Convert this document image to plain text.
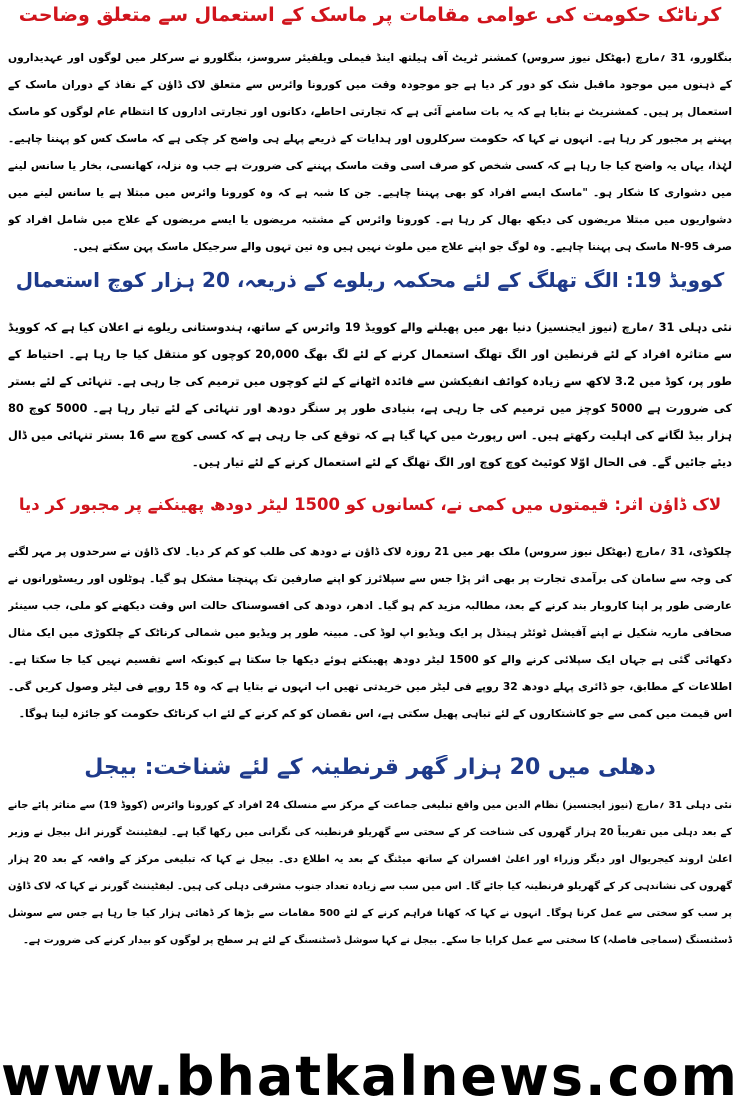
کرناٹک حکومت کی عوامی مقامات پر ماسک کے استعمال سے متعلق وضاحت

بنگلورو، 31 ؍مارچ (بھٹکل نیوز سروس) کمشنر ٹریٹ آف ہیلتھ اینڈ فیملی ویلفیئر سروسز، بنگلورو نے سرکلر میں لوگوں اور عہدیداروں کے ذہنوں میں موجود ماقبل شک کو دور کر دیا ہے جو موجودہ وقت میں کورونا وائرس سے متعلق لاک ڈاؤن کے نفاذ کے دوران ماسک کے استعمال پر ہیں۔ کمشنریٹ نے بتایا ہے کہ یہ بات سامنے آئی ہے کہ تجارتی احاطے، دکانوں اور تجارتی اداروں کا انتظام عام لوگوں کو ماسک پہننے پر مجبور کر رہا ہے۔ انہوں نے کہا کہ حکومت سرکلروں اور ہدایات کے ذریعے پہلے ہی واضح کر چکی ہے کہ ماسک کس کو پہننا چاہیے۔ لہٰذا، یہاں یہ واضح کیا جا رہا ہے کہ کسی شخص کو صرف اسی وقت ماسک پہننے کی ضرورت ہے جب وہ نزلہ، کھانسی، بخار یا سانس لینے میں دشواری کا شکار ہو۔ "ماسک ایسے افراد کو بھی پہننا چاہیے۔ جن کا شبہ ہے کہ وہ کورونا وائرس میں مبتلا ہے یا سانس لینے میں دشواریوں میں مبتلا مریضوں کی دیکھ بھال کر رہا ہے۔ کورونا وائرس کے مشتبہ مریضوں یا ایسے مریضوں کے علاج میں شامل افراد کو صرف N-95 ماسک ہی پہننا چاہیے۔ وہ لوگ جو اپنے علاج میں ملوث نہیں ہیں وہ تین تہوں والے سرجیکل ماسک پہن سکتے ہیں۔

کوویڈ 19: الگ تھلگ کے لئے محکمہ ریلوے کے ذریعہ، 20 ہزار کوچ استعمال

نئی دہلی 31 ؍مارچ (نیوز ایجنسیز) دنیا بھر میں پھیلنے والے کوویڈ 19 وائرس کے ساتھ، ہندوستانی ریلوے نے اعلان کیا ہے کہ کوویڈ سے متاثرہ افراد کے لئے قرنطین اور الگ تھلگ استعمال کرنے کے لئے لگ بھگ 20,000 کوچوں کو منتقل کیا جا رہا ہے۔ احتیاط کے طور پر، کوڈ میں 3.2 لاکھ سے زیادہ کوائف انفیکشن سے فائدہ اٹھانے کے لئے کوچوں میں ترمیم کی جا رہی ہے۔ تنہائی کے لئے بستر کی ضرورت ہے 5000 کوچز میں ترمیم کی جا رہی ہے، بنیادی طور پر سنگر دودھ اور تنہائی کے لئے تیار رہا ہے۔ 5000 کوچ 80 ہزار بیڈ لگانے کی اہلیت رکھتے ہیں۔ اس رپورٹ میں کہا گیا ہے کہ توقع کی جا رہی ہے کہ کسی کوچ سے 16 بستر تنہائی میں ڈال دیئے جائیں گے۔ فی الحال اوّلا کوئیٹ کوچ کوچ اور الگ تھلگ کے لئے استعمال کرنے کے لئے تیار ہیں۔

لاک ڈاؤن اثر: قیمتوں میں کمی نے، کسانوں کو 1500 لیٹر دودھ پھینکنے پر مجبور کر دیا

چلکوڈی، 31 ؍مارچ (بھٹکل نیوز سروس) ملک بھر میں 21 روزہ لاک ڈاؤن نے دودھ کی طلب کو کم کر دیا۔ لاک ڈاؤن نے سرحدوں پر مہر لگنے کی وجہ سے سامان کی برآمدی تجارت پر بھی اثر پڑا جس سے سپلائرز کو اپنے صارفین تک پہنچنا مشکل ہو گیا۔ ہوٹلوں اور ریسٹورانوں نے عارضی طور پر اپنا کاروبار بند کرنے کے بعد، مطالبہ مزید کم ہو گیا۔ ادھر، دودھ کی افسوسناک حالت اس وقت دیکھنے کو ملی، جب سینئر صحافی ماریہ شکیل نے اپنے آفیشل ٹوئٹر ہینڈل پر ایک ویڈیو اپ لوڈ کی۔ مبینہ طور پر ویڈیو میں شمالی کرناٹک کے چلکوڑی میں ایک مثال دکھائی گئی ہے جہاں ایک سپلائی کرنے والے کو 1500 لیٹر دودھ پھینکتے ہوئے دیکھا جا سکتا ہے کیونکہ اسے تقسیم نہیں کیا جا سکتا ہے۔ اطلاعات کے مطابق، جو ڈائری پہلے دودھ 32 روپے فی لیٹر میں خریدتی تھیں اب انہوں نے بتایا ہے کہ وہ 15 روپے فی لیٹر وصول کریں گی۔ اس قیمت میں کمی سے جو کاشتکاروں کے لئے تباہی پھیل سکتی ہے، اس نقصان کو کم کرنے کے لئے اب کرناٹک حکومت کو جائزہ لینا ہوگا۔

دھلی میں 20 ہزار گھر قرنطینہ کے لئے شناخت: بیجل

نئی دہلی 31 ؍مارچ (نیوز ایجنسیز) نظام الدین میں واقع تبلیغی جماعت کے مرکز سے منسلک 24 افراد کے کورونا وائرس (کووڈ 19) سے متاثر پائے جانے کے بعد دہلی میں تقریباً 20 ہزار گھروں کی شناخت کر کے سختی سے گھریلو قرنطینہ کی نگرانی میں رکھا گیا ہے۔ لیفٹیننٹ گورنر انل بیجل نے وزیر اعلیٰ اروند کیجریوال اور دیگر وزراء اور اعلیٰ افسران کے ساتھ میٹنگ کے بعد یہ اطلاع دی۔ بیجل نے کہا کہ تبلیغی مرکز کے واقعہ کے بعد 20 ہزار گھروں کی نشاندہی کر کے گھریلو قرنطینہ کیا جائے گا۔ اس میں سب سے زیادہ تعداد جنوب مشرقی دہلی کی ہیں۔ لیفٹیننٹ گورنر نے کہا کہ لاک ڈاؤن پر سب کو سختی سے عمل کرنا ہوگا۔ انہوں نے کہا کہ کھانا فراہم کرنے کے لئے 500 مقامات سے بڑھا کر ڈھائی ہزار کیا جا رہا ہے جس سے سوشل ڈسٹنسنگ (سماجی فاصلہ) کا سختی سے عمل کرایا جا سکے۔ بیجل نے کہا سوشل ڈسٹنسنگ کے لئے ہر سطح پر لوگوں کو بیدار کرنے کی ضرورت ہے۔

www.bhatkalnews.com
